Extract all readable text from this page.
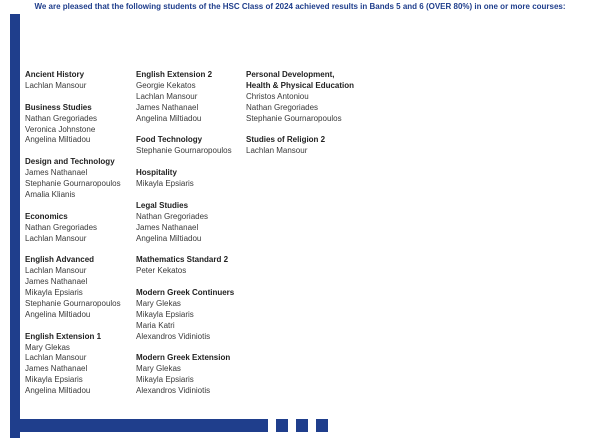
We are pleased that the following students of the HSC Class of 2024 achieved results in Bands 5 and 6 (OVER 80%) in one or more courses:
Ancient History
Lachlan Mansour
Business Studies
Nathan Gregoriades
Veronica Johnstone
Angelina Miltiadou
Design and Technology
James Nathanael
Stephanie Gournaropoulos
Amalia Klianis
Economics
Nathan Gregoriades
Lachlan Mansour
English Advanced
Lachlan Mansour
James Nathanael
Mikayla Epsiaris
Stephanie Gournaropoulos
Angelina Miltiadou
English Extension 1
Mary Glekas
Lachlan Mansour
James Nathanael
Mikayla Epsiaris
Angelina Miltiadou
English Extension 2
Georgie Kekatos
Lachlan Mansour
James Nathanael
Angelina Miltiadou
Food Technology
Stephanie Gournaropoulos
Hospitality
Mikayla Epsiaris
Legal Studies
Nathan Gregoriades
James Nathanael
Angelina Miltiadou
Mathematics Standard 2
Peter Kekatos
Modern Greek Continuers
Mary Glekas
Mikayla Epsiaris
Maria Katri
Alexandros Vidiniotis
Modern Greek Extension
Mary Glekas
Mikayla Epsiaris
Alexandros Vidiniotis
Personal Development,
Health & Physical Education
Christos Antoniou
Nathan Gregoriades
Stephanie Gournaropoulos
Studies of Religion 2
Lachlan Mansour
